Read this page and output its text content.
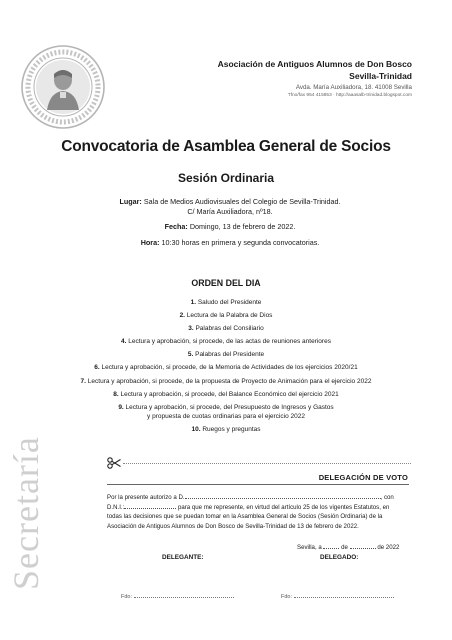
Asociación de Antiguos Alumnos de Don Bosco
Sevilla-Trinidad
Avda. María Auxiliadora, 18. 41008 Sevilla
Tfno/fax 954 415853 · http://aaasalb-trinidad.blogspot.com
Convocatoria de Asamblea General de Socios
Sesión Ordinaria
Lugar: Sala de Medios Audiovisuales del Colegio de Sevilla-Trinidad.
C/ María Auxiliadora, nº18.
Fecha: Domingo, 13 de febrero de 2022.
Hora: 10:30 horas en primera y segunda convocatorias.
ORDEN DEL DIA
1. Saludo del Presidente
2. Lectura de la Palabra de Dios
3. Palabras del Consiliario
4. Lectura y aprobación, si procede, de las actas de reuniones anteriores
5. Palabras del Presidente
6. Lectura y aprobación, si procede, de la Memoria de Actividades de los ejercicios 2020/21
7. Lectura y aprobación, si procede, de la propuesta de Proyecto de Animación para el ejercicio 2022
8. Lectura y aprobación, si procede, del Balance Económico del ejercicio 2021
9. Lectura y aprobación, si procede, del Presupuesto de Ingresos y Gastos
y propuesta de cuotas ordinarias para el ejercicio 2022
10. Ruegos y preguntas
Secretaría	DELEGACIÓN DE VOTO
Por la presente autorizo a D.	, con
D.N.I.:	para que me represente, en virtud del artículo 25 de los vigentes Estatutos, en
todas las decisiones que se puedan tomar en la Asamblea General de Socios (Sesión Ordinaria) de la
Asociación de Antiguos Alumnos de Don Bosco de Sevilla-Trinidad de 13 de febrero de 2022.
Sevilla, a	de	de 2022
DELEGANTE:	DELEGADO:
Fdo:	Fdo:
